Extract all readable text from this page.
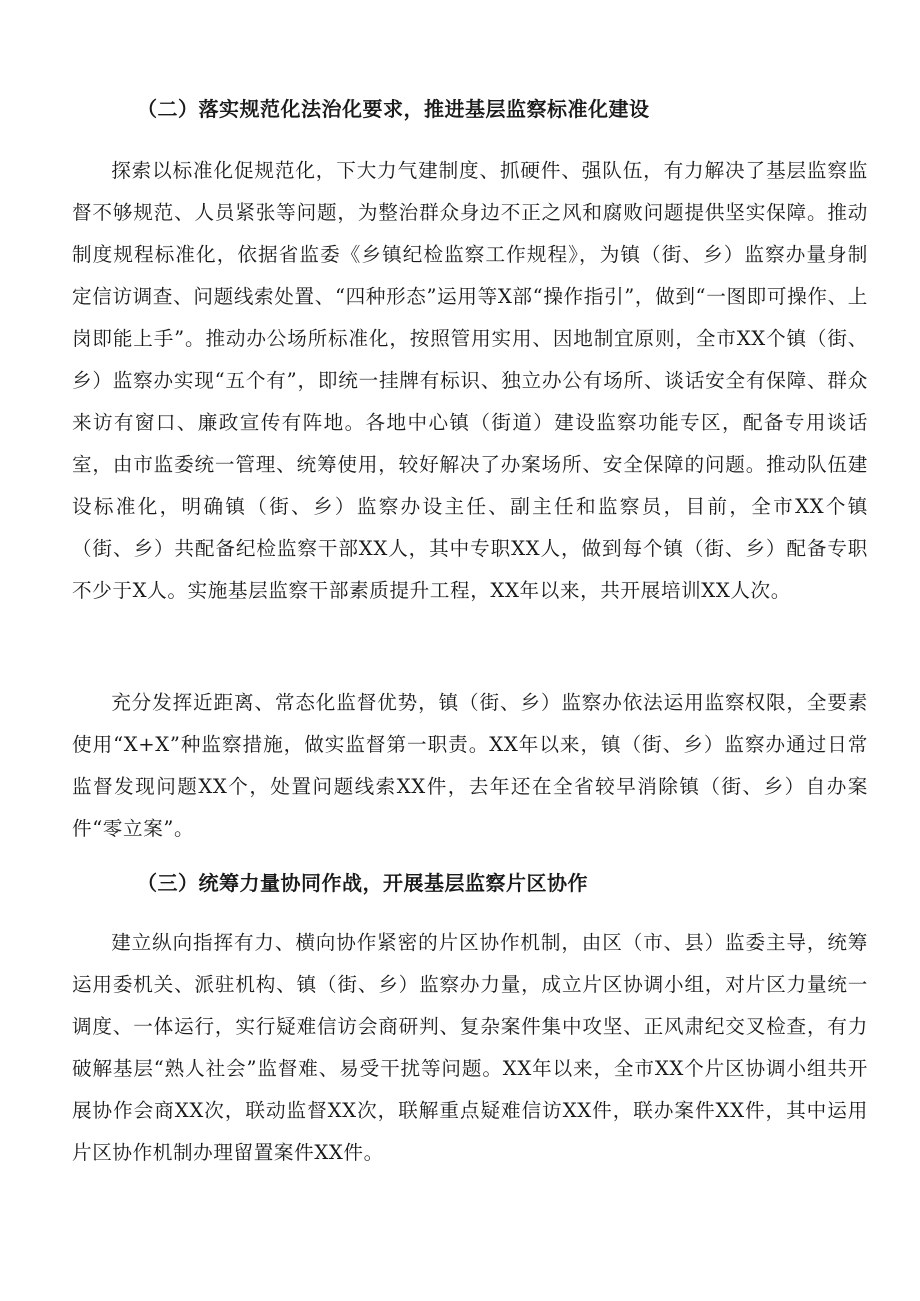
（二）落实规范化法治化要求，推进基层监察标准化建设

探索以标准化促规范化，下大力气建制度、抓硬件、强队伍，有力解决了基层监察监督不够规范、人员紧张等问题，为整治群众身边不正之风和腐败问题提供坚实保障。推动制度规程标准化，依据省监委《乡镇纪检监察工作规程》，为镇（街、乡）监察办量身制定信访调查、问题线索处置、“四种形态”运用等X部“操作指引”，做到“一图即可操作、上岗即能上手”。推动办公场所标准化，按照管用实用、因地制宜原则，全市XX个镇（街、乡）监察办实现“五个有”，即统一挂牌有标识、独立办公有场所、谈话安全有保障、群众来访有窗口、廉政宣传有阵地。各地中心镇（街道）建设监察功能专区，配备专用谈话室，由市监委统一管理、统筹使用，较好解决了办案场所、安全保障的问题。推动队伍建设标准化，明确镇（街、乡）监察办设主任、副主任和监察员，目前，全市XX个镇（街、乡）共配备纪检监察干部XX人，其中专职XX人，做到每个镇（街、乡）配备专职不少于X人。实施基层监察干部素质提升工程，XX年以来，共开展培训XX人次。

充分发挥近距离、常态化监督优势，镇（街、乡）监察办依法运用监察权限，全要素使用“X+X”种监察措施，做实监督第一职责。XX年以来，镇（街、乡）监察办通过日常监督发现问题XX个，处置问题线索XX件，去年还在全省较早消除镇（街、乡）自办案件“零立案”。

（三）统筹力量协同作战，开展基层监察片区协作

建立纵向指挥有力、横向协作紧密的片区协作机制，由区（市、县）监委主导，统筹运用委机关、派驻机构、镇（街、乡）监察办力量，成立片区协调小组，对片区力量统一调度、一体运行，实行疑难信访会商研判、复杂案件集中攻坚、正风肃纪交叉检查，有力破解基层“熟人社会”监督难、易受干扰等问题。XX年以来，全市XX个片区协调小组共开展协作会商XX次，联动监督XX次，联解重点疑难信访XX件，联办案件XX件，其中运用片区协作机制办理留置案件XX件。
